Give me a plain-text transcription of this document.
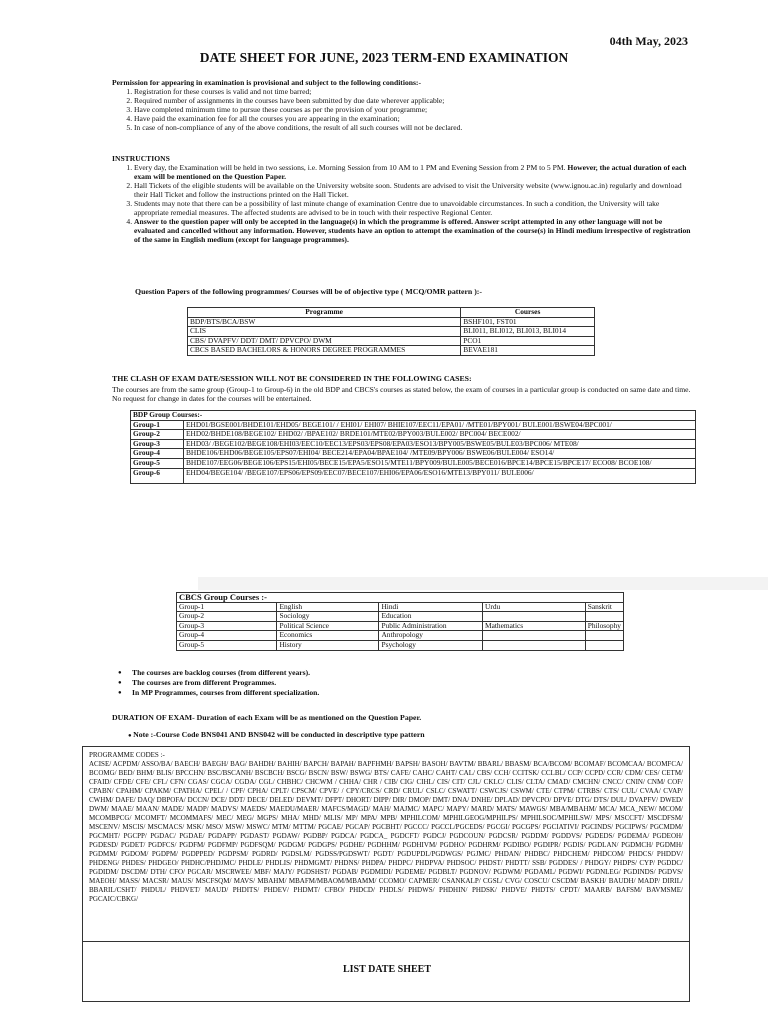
04th May, 2023
DATE SHEET FOR JUNE, 2023 TERM-END EXAMINATION
Permission for appearing in examination is provisional and subject to the following conditions:-
1. Registration for these courses is valid and not time barred;
2. Required number of assignments in the courses have been submitted by due date wherever applicable;
3. Have completed minimum time to pursue these courses as per the provision of your programme;
4. Have paid the examination fee for all the courses you are appearing in the examination;
5. In case of non-compliance of any of the above conditions, the result of all such courses will not be declared.
INSTRUCTIONS
1. Every day, the Examination will be held in two sessions, i.e. Morning Session from 10 AM to 1 PM and Evening Session from 2 PM to 5 PM. However, the actual duration of each exam will be mentioned on the Question Paper.
2. Hall Tickets of the eligible students will be available on the University website soon. Students are advised to visit the University website (www.ignou.ac.in) regularly and download their Hall Ticket and follow the instructions printed on the Hall Ticket.
3. Students may note that there can be a possibility of last minute change of examination Centre due to unavoidable circumstances. In such a condition, the University will take appropriate remedial measures. The affected students are advised to be in touch with their respective Regional Center.
4. Answer to the question paper will only be accepted in the language(s) in which the programme is offered. Answer script attempted in any other language will not be evaluated and cancelled without any information. However, students have an option to attempt the examination of the course(s) in Hindi medium irrespective of registration of the same in English medium (except for language programmes).
Question Papers of the following programmes/ Courses will be of objective type ( MCQ/OMR pattern ):-
Programme	Courses
BDP/BTS/BCA/BSW	BSHF101, FST01
CLIS	BLI011, BLI012, BLI013, BLI014
CBS/ DVAPFV/ DDT/ DMT/ DPVCPO/ DWM	PCO1
CBCS BASED BACHELORS & HONORS DEGREE PROGRAMMES	BEVAE181
THE CLASH OF EXAM DATE/SESSION WILL NOT BE CONSIDERED IN THE FOLLOWING CASES:
The courses are from the same group (Group-1 to Group-6) in the old BDP and CBCS's courses as stated below, the exam of courses in a particular group is conducted on same date and time. No request for change in dates for the courses will be entertained.
BDP Group Courses:-	
Group-1	EHD01/BGSE001/BHDE101/EHD05/ BEGE101/ / EHI01/ EHI07/ BHIE107/EEC11/EPA01/ /MTE01/BPY001/ BULE001/BSWE04/BPC001/
Group-2	EHD02/BHDE108/BEGE102/ EHD02/ /BPAE102/ BRDE101/MTE02/BPY003/BULE002/ BPC004/ BECE002/
Group-3	EHD03/ /BEGE102/BEGE108/EHI03/EEC10/EEC13/EPS03/EPS08/EPA03/ESO13/BPY005/BSWE05/BULE03/BPC006/ MTE08/
Group-4	BHDE106/EHD06/BEGE105/EPS07/EHI04/ BECE214/EPA04/BPAE104/ /MTE09/BPY006/ BSWE06/BULE004/ ESO14/
Group-5	BHDE107/EEG06/BEGE106/EPS15/EHI05/BECE15/EPA5/ESO15/MTE11/BPY009/BULE005/BECE016/BPCE14/BPCE15/BPCE17/ ECO08/ BCOE108/
Group-6	EHD04/BEGE104/ /BEGE107/EPS06/EPS09/EEC07/BECE107/EHI06/EPA06/ESO16/MTE13/BPY011/ BULE006/
CBCS Group Courses :-				
Group-1	English	Hindi	Urdu	Sanskrit
Group-2	Sociology	Education		
Group-3	Political Science	Public Administration	Mathematics	Philosophy
Group-4	Economics	Anthropology		
Group-5	History	Psychology		
● The courses are backlog courses (from different years).
● The courses are from different Programmes.
● In MP Programmes, courses from different specialization.
DURATION OF EXAM- Duration of each Exam will be as mentioned on the Question Paper.
● Note :-Course Code BNS041 AND BNS042 will be conducted in descriptive type pattern
PROGRAMME CODES :-
ACISE/ ACPDM/ ASSO/BA/ BAECH/ BAEGH/ BAG/ BAHDH/ BAHIH/ BAPCH/ BAPAH/ BAPFHMH/ BAPSH/ BASOH/ BAVTM/ BBARL/ BBASM/ BCA/BCOM/ BCOMAF/ BCOMCAA/ BCOMFCA/ BCOMG/ BED/ BHM/ BLIS/ BPCCHN/ BSC/BSCANH/ BSCBCH/ BSCG/ BSCN/ BSW/ BSWG/ BTS/ CAFE/ CAHC/ CAHT/ CAL/ CBS/ CCH/ CCITSK/ CCLBL/ CCP/ CCPD/ CCR/ CDM/ CES/ CETM/ CFAID/ CFDE/ CFE/ CFL/ CFN/ CGAS/ CGCA/ CGDA/ CGL/ CHBHC/ CHCWM / CHHA/ CHR / CIB/ CIG/ CIHL/ CIS/ CIT/ CJL/ CKLC/ CLIS/ CLTA/ CMAD/ CMCHN/ CNCC/ CNIN/ CNM/ COF/ CPABN/ CPAHM/ CPAKM/ CPATHA/ CPEL/ / CPF/ CPHA/ CPLT/ CPSCM/ CPVE/ / CPY/CRCS/ CRD/ CRUL/ CSLC/ CSWATT/ CSWCJS/ CSWM/ CTE/ CTPM/ CTRBS/ CTS/ CUL/ CVAA/ CVAP/ CWHM/ DAFE/ DAQ/ DBPOFA/ DCCN/ DCE/ DDT/ DECE/ DELED/ DEVMT/ DFPT/ DHORT/ DIPP/ DIR/ DMOP/ DMT/ DNA/ DNHE/ DPLAD/ DPVCPO/ DPVE/ DTG/ DTS/ DUL/ DVAPFV/ DWED/ DWM/ MAAE/ MAAN/ MADE/ MADP/ MADVS/ MAEDS/ MAEDU/MAER/ MAFCS/MAGD/ MAH/ MAJMC/ MAPC/ MAPY/ MARD/ MATS/ MAWGS/ MBA/MBAHM/ MCA/ MCA_NEW/ MCOM/ MCOMBPCG/ MCOMFT/ MCOMMAFS/ MEC/ MEG/ MGPS/ MHA/ MHD/ MLIS/ MP/ MPA/ MPB/ MPHILCOM/ MPHILGEOG/MPHILPS/ MPHILSOC/MPHILSW/ MPS/ MSCCFT/ MSCDFSM/ MSCENV/ MSCIS/ MSCMACS/ MSK/ MSO/ MSW/ MSWC/ MTM/ MTTM/ PGCAE/ PGCAP/ PGCBHT/ PGCCC/ PGCCL/PGCEDS/ PGCGI/ PGCGPS/ PGCIATIVI/ PGCINDS/ PGCIPWS/ PGCMDM/ PGCMHT/ PGCPP/ PGDAC/ PGDAE/ PGDAPP/ PGDAST/ PGDAW/ PGDBP/ PGDCA/ PGDCA_ PGDCFT/ PGDCJ/ PGDCOUN/ PGDCSR/ PGDDM/ PGDDVS/ PGDEDS/ PGDEMA/ PGDEOH/ PGDESD/ PGDET/ PGDFCS/ PGDFM/ PGDFMP/ PGDFSQM/ PGDGM/ PGDGPS/ PGDHE/ PGDHHM/ PGDHIVM/ PGDHO/ PGDHRM/ PGDIBO/ PGDIPR/ PGDIS/ PGDLAN/ PGDMCH/ PGDMH/ PGDMM/ PGDOM/ PGDPM/ PGDPPED/ PGDPSM/ PGDRD/ PGDSLM/ PGDSS/PGDSWT/ PGDT/ PGDUPDL/PGDWGS/ PGJMC/ PHDAN/ PHDBC/ PHDCHEM/ PHDCOM/ PHDCS/ PHDDV/ PHDENG/ PHDES/ PHDGEO/ PHDHC/PHDJMC/ PHDLE/ PHDLIS/ PHDMGMT/ PHDNS/ PHDPA/ PHDPC/ PHDPVA/ PHDSOC/ PHDST/ PHDTT/ SSB/ PGDDES/ / PHDGY/ PHDPS/ CYP/ PGDDC/ PGDIDM/ DSCDM/ DTH/ CFO/ PGCAR/ MSCRWEE/ MBF/ MAJY/ PGDSHST/ PGDAB/ PGDMIDI/ PGDEME/ PGDBLT/ PGDNOV/ PGDWM/ PGDAML/ PGDWI/ PGDNLEG/ PGDINDS/ PGDVS/ MAEOH/ MASS/ MACSR/ MAUS/ MSCFSQM/ MAVS/ MBAHM/ MBAFM/MBAOM/MBAMM/ CCOMO/ CAPMER/ CSANKALP/ CGSL/ CVG/ COSCU/ CSCDM/ BASKH/ BAUDH/ MADP/ DIRIL/ BBARIL/CSHT/ PHDUL/ PHDVET/ MAUD/ PHDITS/ PHDEV/ PHDMT/ CFBO/ PHDCD/ PHDLS/ PHDWS/ PHDHIN/ PHDSK/ PHDVE/ PHDTS/ CPDT/ MAARB/ BAFSM/ BAVMSME/ PGCAIC/CBKG/
LIST DATE SHEET
